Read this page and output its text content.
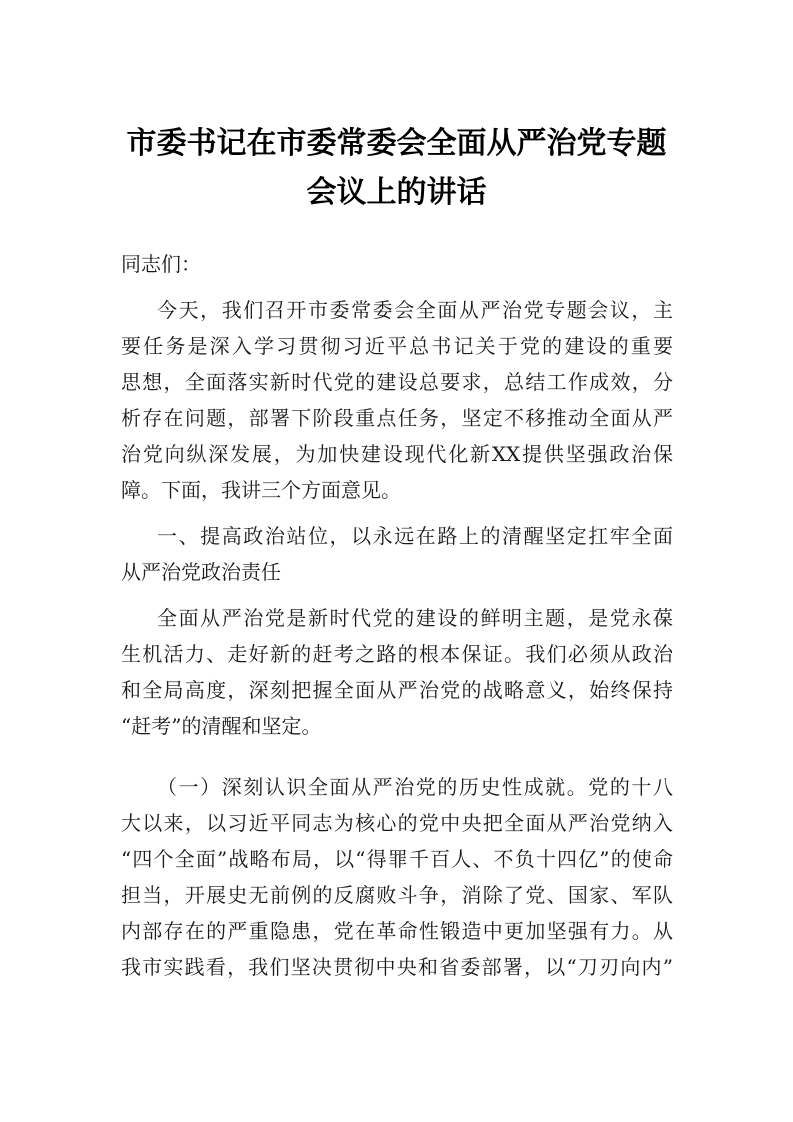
市委书记在市委常委会全面从严治党专题
会议上的讲话
同志们：
今天，我们召开市委常委会全面从严治党专题会议，主
要任务是深入学习贯彻习近平总书记关于党的建设的重要
思想，全面落实新时代党的建设总要求，总结工作成效，分
析存在问题，部署下阶段重点任务，坚定不移推动全面从严
治党向纵深发展，为加快建设现代化新XX提供坚强政治保
障。下面，我讲三个方面意见。
一、提高政治站位，以永远在路上的清醒坚定扛牢全面
从严治党政治责任
全面从严治党是新时代党的建设的鲜明主题，是党永葆
生机活力、走好新的赶考之路的根本保证。我们必须从政治
和全局高度，深刻把握全面从严治党的战略意义，始终保持
“赶考”的清醒和坚定。
（一）深刻认识全面从严治党的历史性成就。党的十八
大以来，以习近平同志为核心的党中央把全面从严治党纳入
“四个全面”战略布局，以“得罪千百人、不负十四亿”的使命
担当，开展史无前例的反腐败斗争，消除了党、国家、军队
内部存在的严重隐患，党在革命性锻造中更加坚强有力。从
我市实践看，我们坚决贯彻中央和省委部署，以“刀刃向内”
